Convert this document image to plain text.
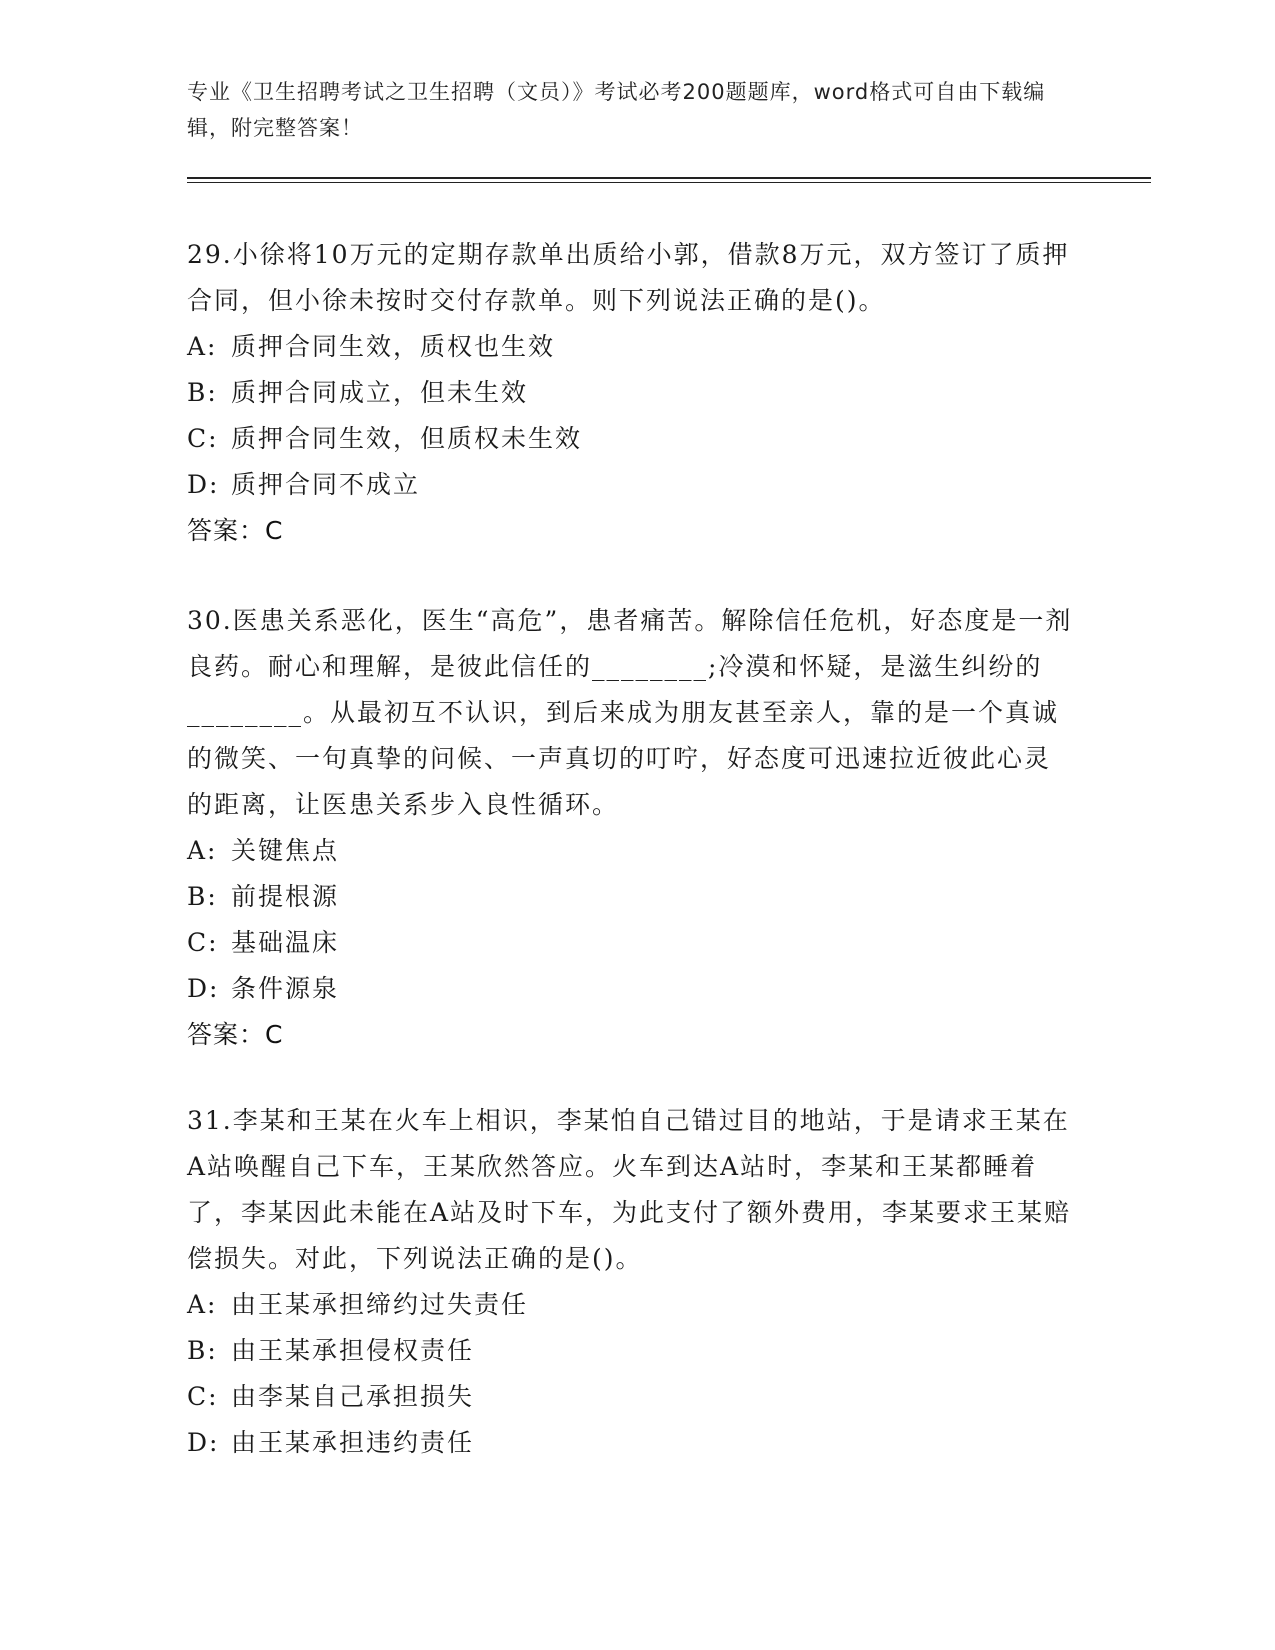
专业《卫生招聘考试之卫生招聘（文员）》考试必考200题题库，word格式可自由下载编辑，附完整答案！

29.小徐将10万元的定期存款单出质给小郭，借款8万元，双方签订了质押合同，但小徐未按时交付存款单。则下列说法正确的是()。

A: 质押合同生效，质权也生效
B: 质押合同成立，但未生效
C: 质押合同生效，但质权未生效
D: 质押合同不成立
答案：C

30.医患关系恶化，医生“高危”，患者痛苦。解除信任危机，好态度是一剂良药。耐心和理解，是彼此信任的________;冷漠和怀疑，是滋生纠纷的________。从最初互不认识，到后来成为朋友甚至亲人，靠的是一个真诚的微笑、一句真挚的问候、一声真切的叮咛，好态度可迅速拉近彼此心灵的距离，让医患关系步入良性循环。

A: 关键焦点
B: 前提根源
C: 基础温床
D: 条件源泉
答案：C

31.李某和王某在火车上相识，李某怕自己错过目的地站，于是请求王某在A站唤醒自己下车，王某欣然答应。火车到达A站时，李某和王某都睡着了，李某因此未能在A站及时下车，为此支付了额外费用，李某要求王某赔偿损失。对此，下列说法正确的是()。

A: 由王某承担缔约过失责任
B: 由王某承担侵权责任
C: 由李某自己承担损失
D: 由王某承担违约责任
